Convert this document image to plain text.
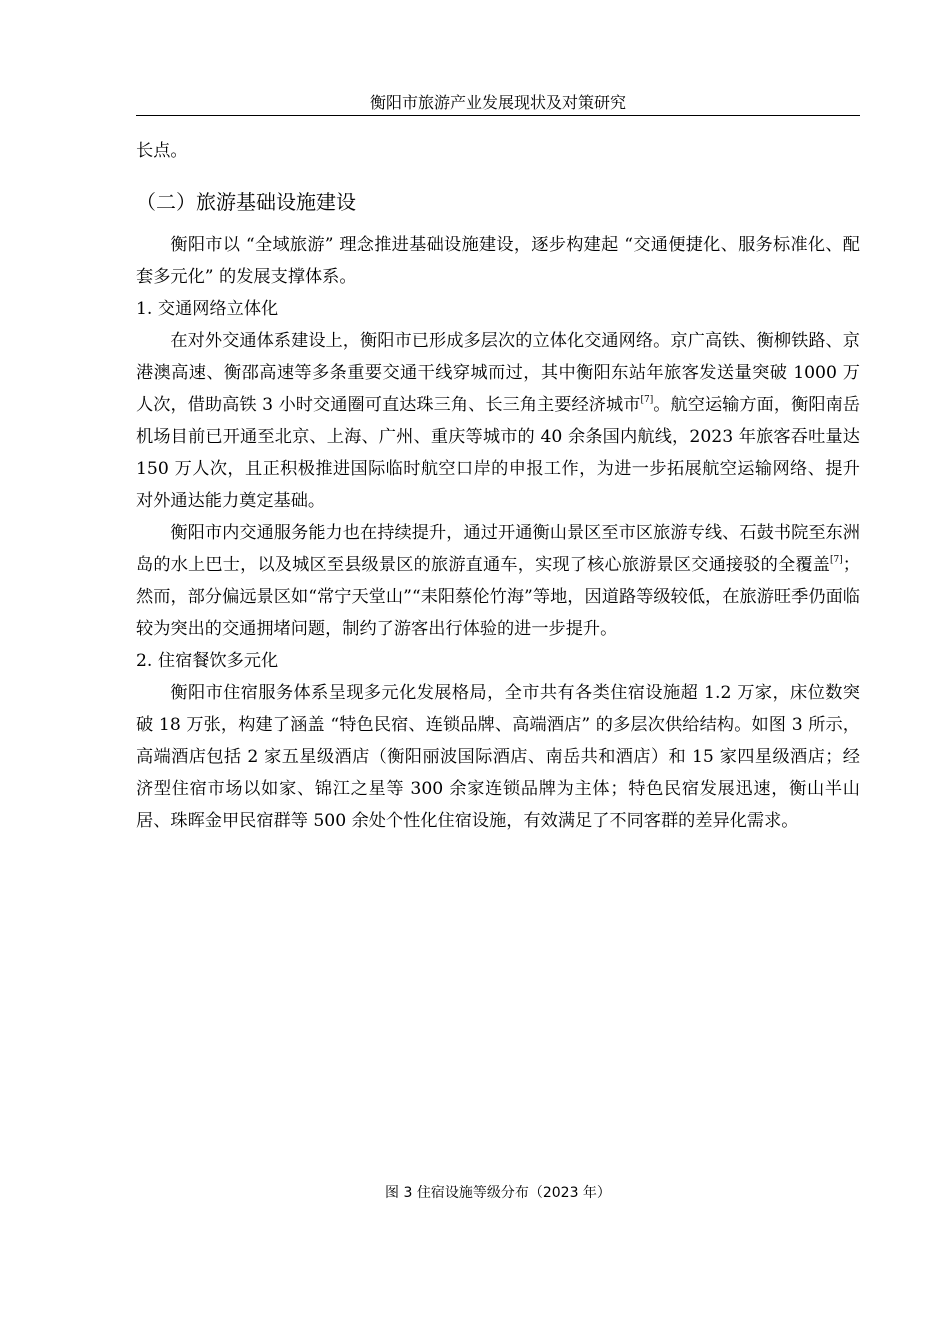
衡阳市旅游产业发展现状及对策研究

长点。

（二）旅游基础设施建设

衡阳市以 “全域旅游” 理念推进基础设施建设，逐步构建起 “交通便捷化、服务标准化、配套多元化” 的发展支撑体系。

1. 交通网络立体化

在对外交通体系建设上，衡阳市已形成多层次的立体化交通网络。京广高铁、衡柳铁路、京港澳高速、衡邵高速等多条重要交通干线穿城而过，其中衡阳东站年旅客发送量突破 1000 万人次，借助高铁 3 小时交通圈可直达珠三角、长三角主要经济城市[7]。航空运输方面，衡阳南岳机场目前已开通至北京、上海、广州、重庆等城市的 40 余条国内航线，2023 年旅客吞吐量达 150 万人次，且正积极推进国际临时航空口岸的申报工作，为进一步拓展航空运输网络、提升对外通达能力奠定基础。

衡阳市内交通服务能力也在持续提升，通过开通衡山景区至市区旅游专线、石鼓书院至东洲岛的水上巴士，以及城区至县级景区的旅游直通车，实现了核心旅游景区交通接驳的全覆盖[7]；然而，部分偏远景区如“常宁天堂山”“耒阳蔡伦竹海”等地，因道路等级较低，在旅游旺季仍面临较为突出的交通拥堵问题，制约了游客出行体验的进一步提升。

2. 住宿餐饮多元化

衡阳市住宿服务体系呈现多元化发展格局，全市共有各类住宿设施超 1.2 万家，床位数突破 18 万张，构建了涵盖 “特色民宿、连锁品牌、高端酒店” 的多层次供给结构。如图 3 所示，高端酒店包括 2 家五星级酒店（衡阳丽波国际酒店、南岳共和酒店）和 15 家四星级酒店；经济型住宿市场以如家、锦江之星等 300 余家连锁品牌为主体；特色民宿发展迅速，衡山半山居、珠晖金甲民宿群等 500 余处个性化住宿设施，有效满足了不同客群的差异化需求。

图 3 住宿设施等级分布（2023 年）
